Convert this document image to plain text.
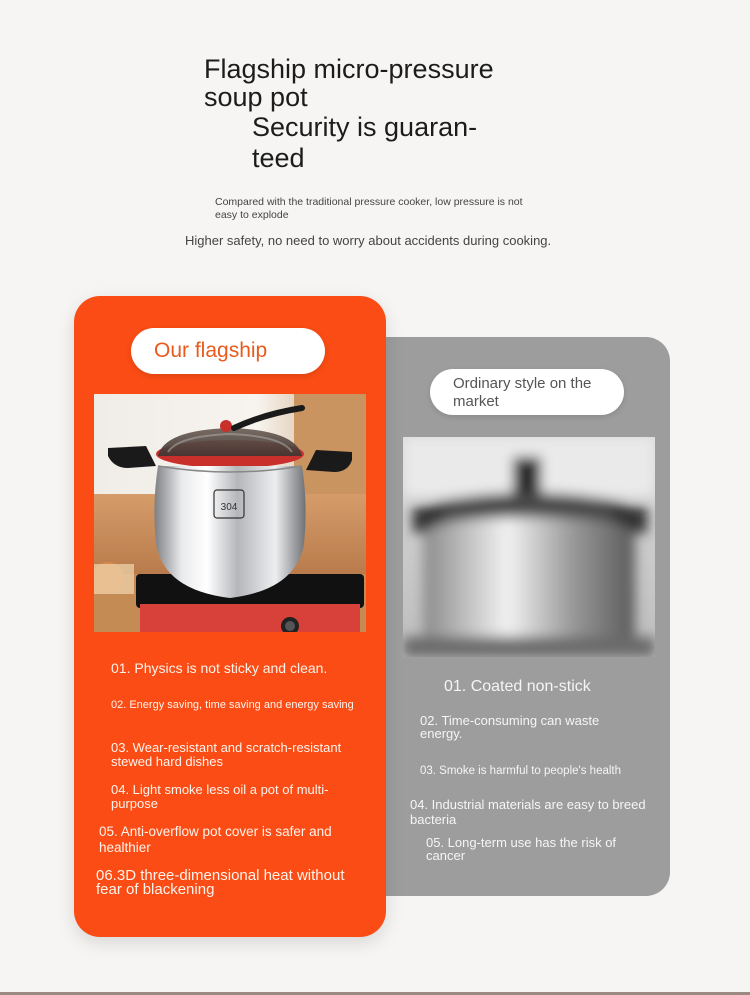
Flagship micro-pressure
soup pot
Security is guaran-
teed

Compared with the traditional pressure cooker, low pressure is not easy to explode

Higher safety, no need to worry about accidents during cooking.

Ordinary style on the market

01. Coated non-stick

02. Time-consuming can waste energy.

03. Smoke is harmful to people's health

04. Industrial materials are easy to breed bacteria

05. Long-term use has the risk of cancer

Our flagship
304

01. Physics is not sticky and clean.

02. Energy saving, time saving and energy saving

03. Wear-resistant and scratch-resistant stewed hard dishes

04. Light smoke less oil a pot of multi-purpose

05. Anti-overflow pot cover is safer and healthier

06.3D three-dimensional heat without fear of blackening
